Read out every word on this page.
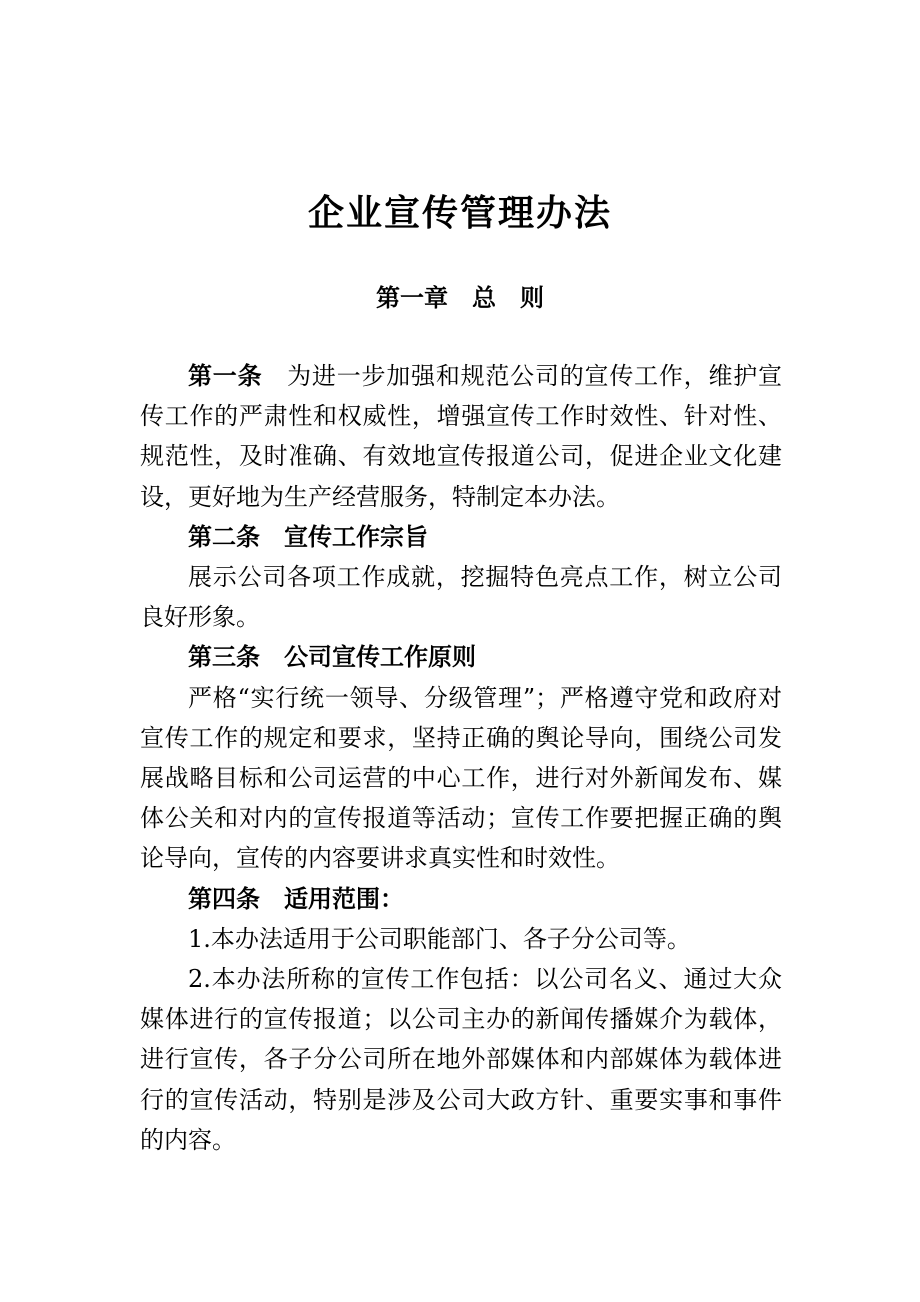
企业宣传管理办法
第一章　总　则

第一条　为进一步加强和规范公司的宣传工作，维护宣传工作的严肃性和权威性，增强宣传工作时效性、针对性、规范性，及时准确、有效地宣传报道公司，促进企业文化建设，更好地为生产经营服务，特制定本办法。

第二条　宣传工作宗旨

展示公司各项工作成就，挖掘特色亮点工作，树立公司良好形象。

第三条　公司宣传工作原则

严格“实行统一领导、分级管理”；严格遵守党和政府对宣传工作的规定和要求，坚持正确的舆论导向，围绕公司发展战略目标和公司运营的中心工作，进行对外新闻发布、媒体公关和对内的宣传报道等活动；宣传工作要把握正确的舆论导向，宣传的内容要讲求真实性和时效性。

第四条　适用范围：

1.本办法适用于公司职能部门、各子分公司等。

2.本办法所称的宣传工作包括：以公司名义、通过大众媒体进行的宣传报道；以公司主办的新闻传播媒介为载体，进行宣传，各子分公司所在地外部媒体和内部媒体为载体进行的宣传活动，特别是涉及公司大政方针、重要实事和事件的内容。
